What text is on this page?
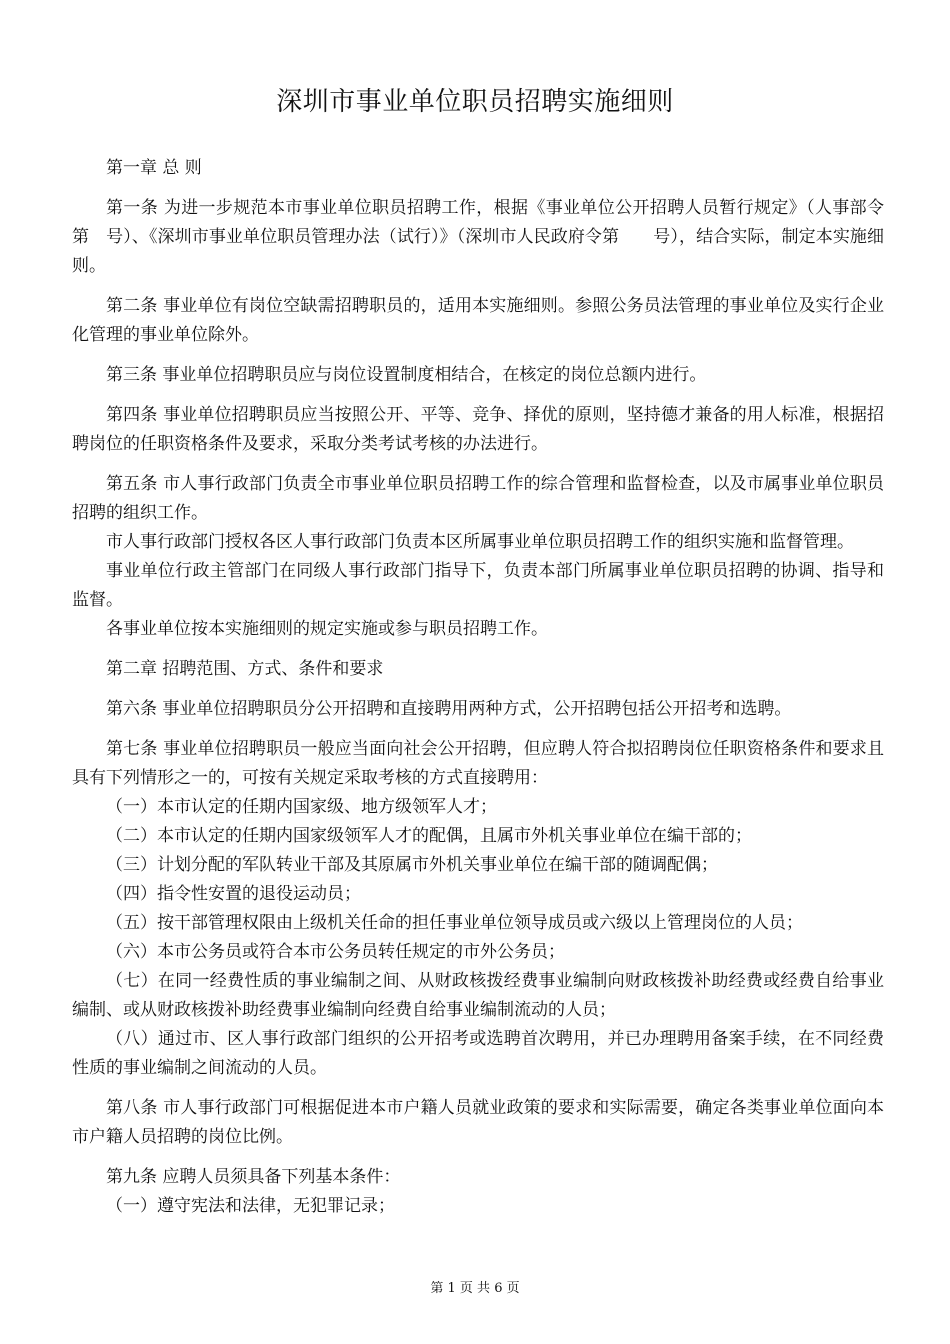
深圳市事业单位职员招聘实施细则

第一章 总 则

第一条 为进一步规范本市事业单位职员招聘工作，根据《事业单位公开招聘人员暂行规定》（人事部令第　号）、《深圳市事业单位职员管理办法（试行）》（深圳市人民政府令第　　号），结合实际，制定本实施细则。

第二条 事业单位有岗位空缺需招聘职员的，适用本实施细则。参照公务员法管理的事业单位及实行企业化管理的事业单位除外。

第三条 事业单位招聘职员应与岗位设置制度相结合，在核定的岗位总额内进行。

第四条 事业单位招聘职员应当按照公开、平等、竞争、择优的原则，坚持德才兼备的用人标准，根据招聘岗位的任职资格条件及要求，采取分类考试考核的办法进行。

第五条 市人事行政部门负责全市事业单位职员招聘工作的综合管理和监督检查，以及市属事业单位职员招聘的组织工作。

市人事行政部门授权各区人事行政部门负责本区所属事业单位职员招聘工作的组织实施和监督管理。

事业单位行政主管部门在同级人事行政部门指导下，负责本部门所属事业单位职员招聘的协调、指导和监督。

各事业单位按本实施细则的规定实施或参与职员招聘工作。

第二章 招聘范围、方式、条件和要求

第六条 事业单位招聘职员分公开招聘和直接聘用两种方式，公开招聘包括公开招考和选聘。

第七条 事业单位招聘职员一般应当面向社会公开招聘，但应聘人符合拟招聘岗位任职资格条件和要求且具有下列情形之一的，可按有关规定采取考核的方式直接聘用：

（一）本市认定的任期内国家级、地方级领军人才；

（二）本市认定的任期内国家级领军人才的配偶，且属市外机关事业单位在编干部的；

（三）计划分配的军队转业干部及其原属市外机关事业单位在编干部的随调配偶；

（四）指令性安置的退役运动员；

（五）按干部管理权限由上级机关任命的担任事业单位领导成员或六级以上管理岗位的人员；

（六）本市公务员或符合本市公务员转任规定的市外公务员；

（七）在同一经费性质的事业编制之间、从财政核拨经费事业编制向财政核拨补助经费或经费自给事业编制、或从财政核拨补助经费事业编制向经费自给事业编制流动的人员；

（八）通过市、区人事行政部门组织的公开招考或选聘首次聘用，并已办理聘用备案手续，在不同经费性质的事业编制之间流动的人员。

第八条 市人事行政部门可根据促进本市户籍人员就业政策的要求和实际需要，确定各类事业单位面向本市户籍人员招聘的岗位比例。

第九条 应聘人员须具备下列基本条件：

（一）遵守宪法和法律，无犯罪记录；

第 1 页 共 6 页
